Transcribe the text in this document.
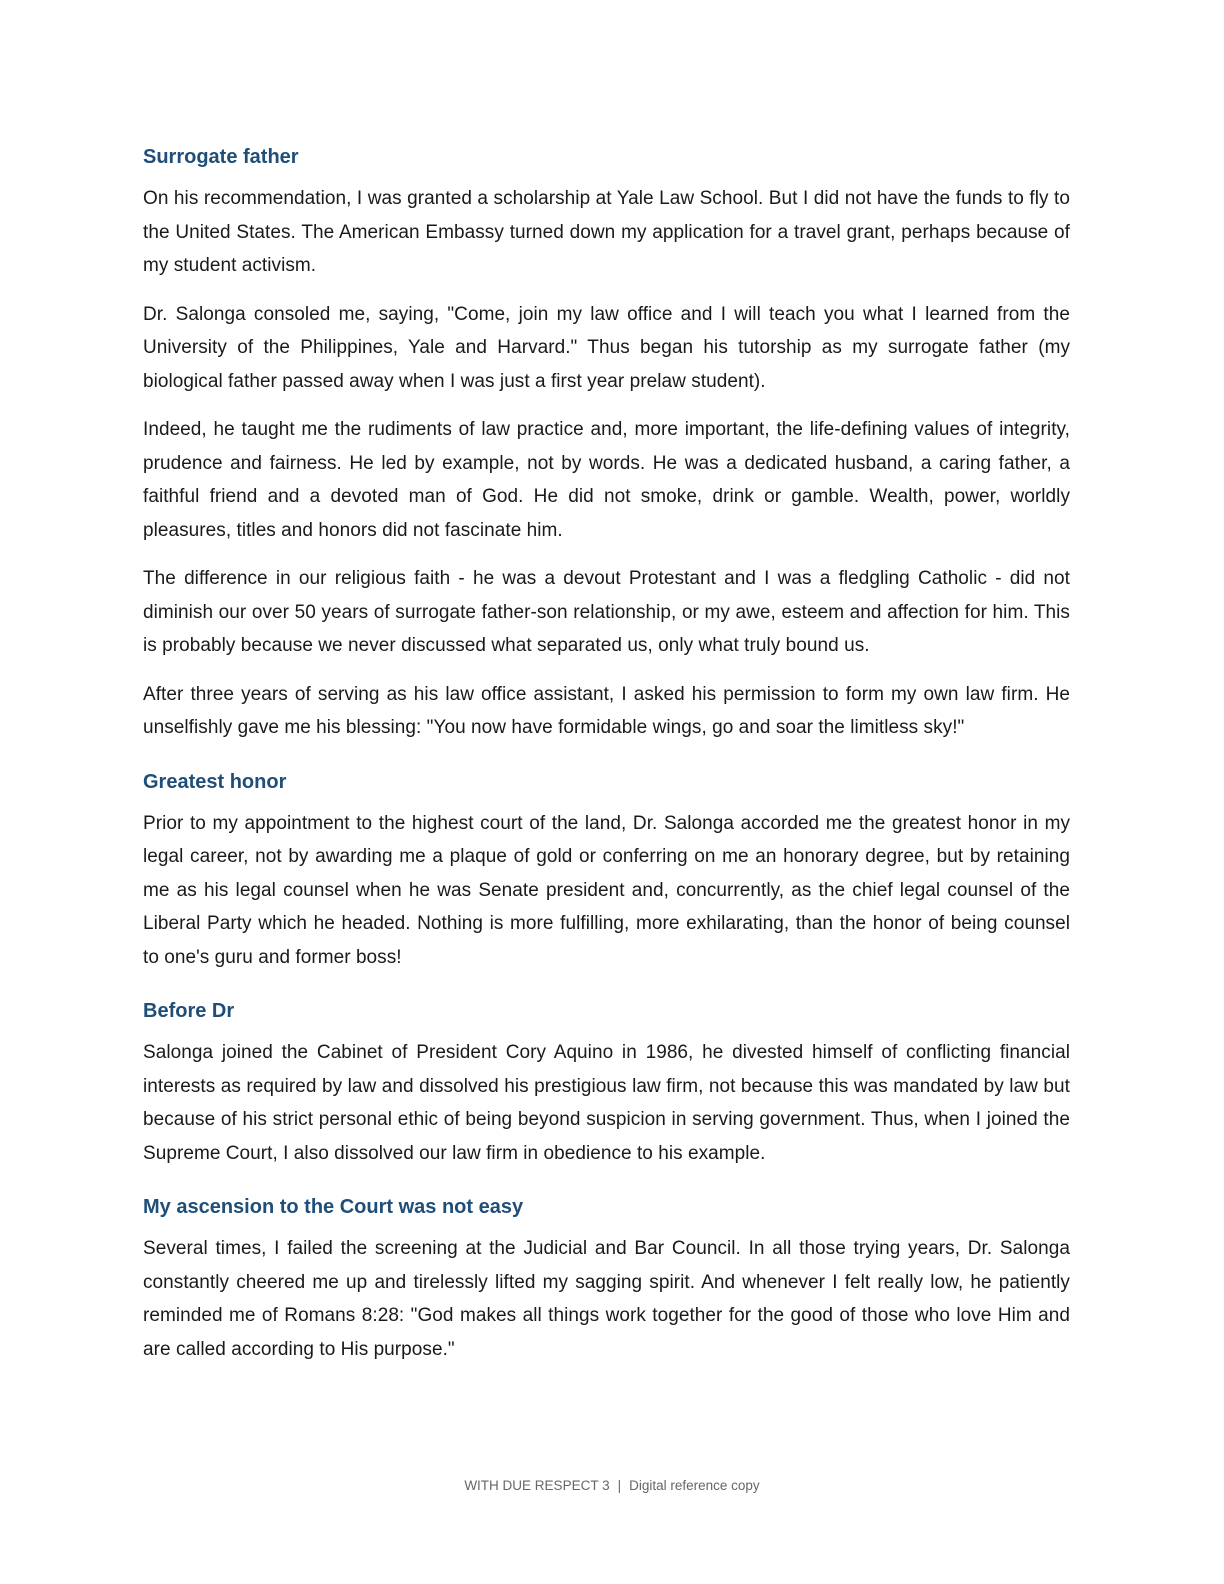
Surrogate father

On his recommendation, I was granted a scholarship at Yale Law School. But I did not have the funds to fly to the United States. The American Embassy turned down my application for a travel grant, perhaps because of my student activism.

Dr. Salonga consoled me, saying, "Come, join my law office and I will teach you what I learned from the University of the Philippines, Yale and Harvard." Thus began his tutorship as my surrogate father (my biological father passed away when I was just a first year prelaw student).

Indeed, he taught me the rudiments of law practice and, more important, the life-defining values of integrity, prudence and fairness. He led by example, not by words. He was a dedicated husband, a caring father, a faithful friend and a devoted man of God. He did not smoke, drink or gamble. Wealth, power, worldly pleasures, titles and honors did not fascinate him.

The difference in our religious faith - he was a devout Protestant and I was a fledgling Catholic - did not diminish our over 50 years of surrogate father-son relationship, or my awe, esteem and affection for him. This is probably because we never discussed what separated us, only what truly bound us.

After three years of serving as his law office assistant, I asked his permission to form my own law firm. He unselfishly gave me his blessing: "You now have formidable wings, go and soar the limitless sky!"

Greatest honor

Prior to my appointment to the highest court of the land, Dr. Salonga accorded me the greatest honor in my legal career, not by awarding me a plaque of gold or conferring on me an honorary degree, but by retaining me as his legal counsel when he was Senate president and, concurrently, as the chief legal counsel of the Liberal Party which he headed. Nothing is more fulfilling, more exhilarating, than the honor of being counsel to one's guru and former boss!

Before Dr

Salonga joined the Cabinet of President Cory Aquino in 1986, he divested himself of conflicting financial interests as required by law and dissolved his prestigious law firm, not because this was mandated by law but because of his strict personal ethic of being beyond suspicion in serving government. Thus, when I joined the Supreme Court, I also dissolved our law firm in obedience to his example.

My ascension to the Court was not easy

Several times, I failed the screening at the Judicial and Bar Council. In all those trying years, Dr. Salonga constantly cheered me up and tirelessly lifted my sagging spirit. And whenever I felt really low, he patiently reminded me of Romans 8:28: "God makes all things work together for the good of those who love Him and are called according to His purpose."

WITH DUE RESPECT 3 | Digital reference copy
